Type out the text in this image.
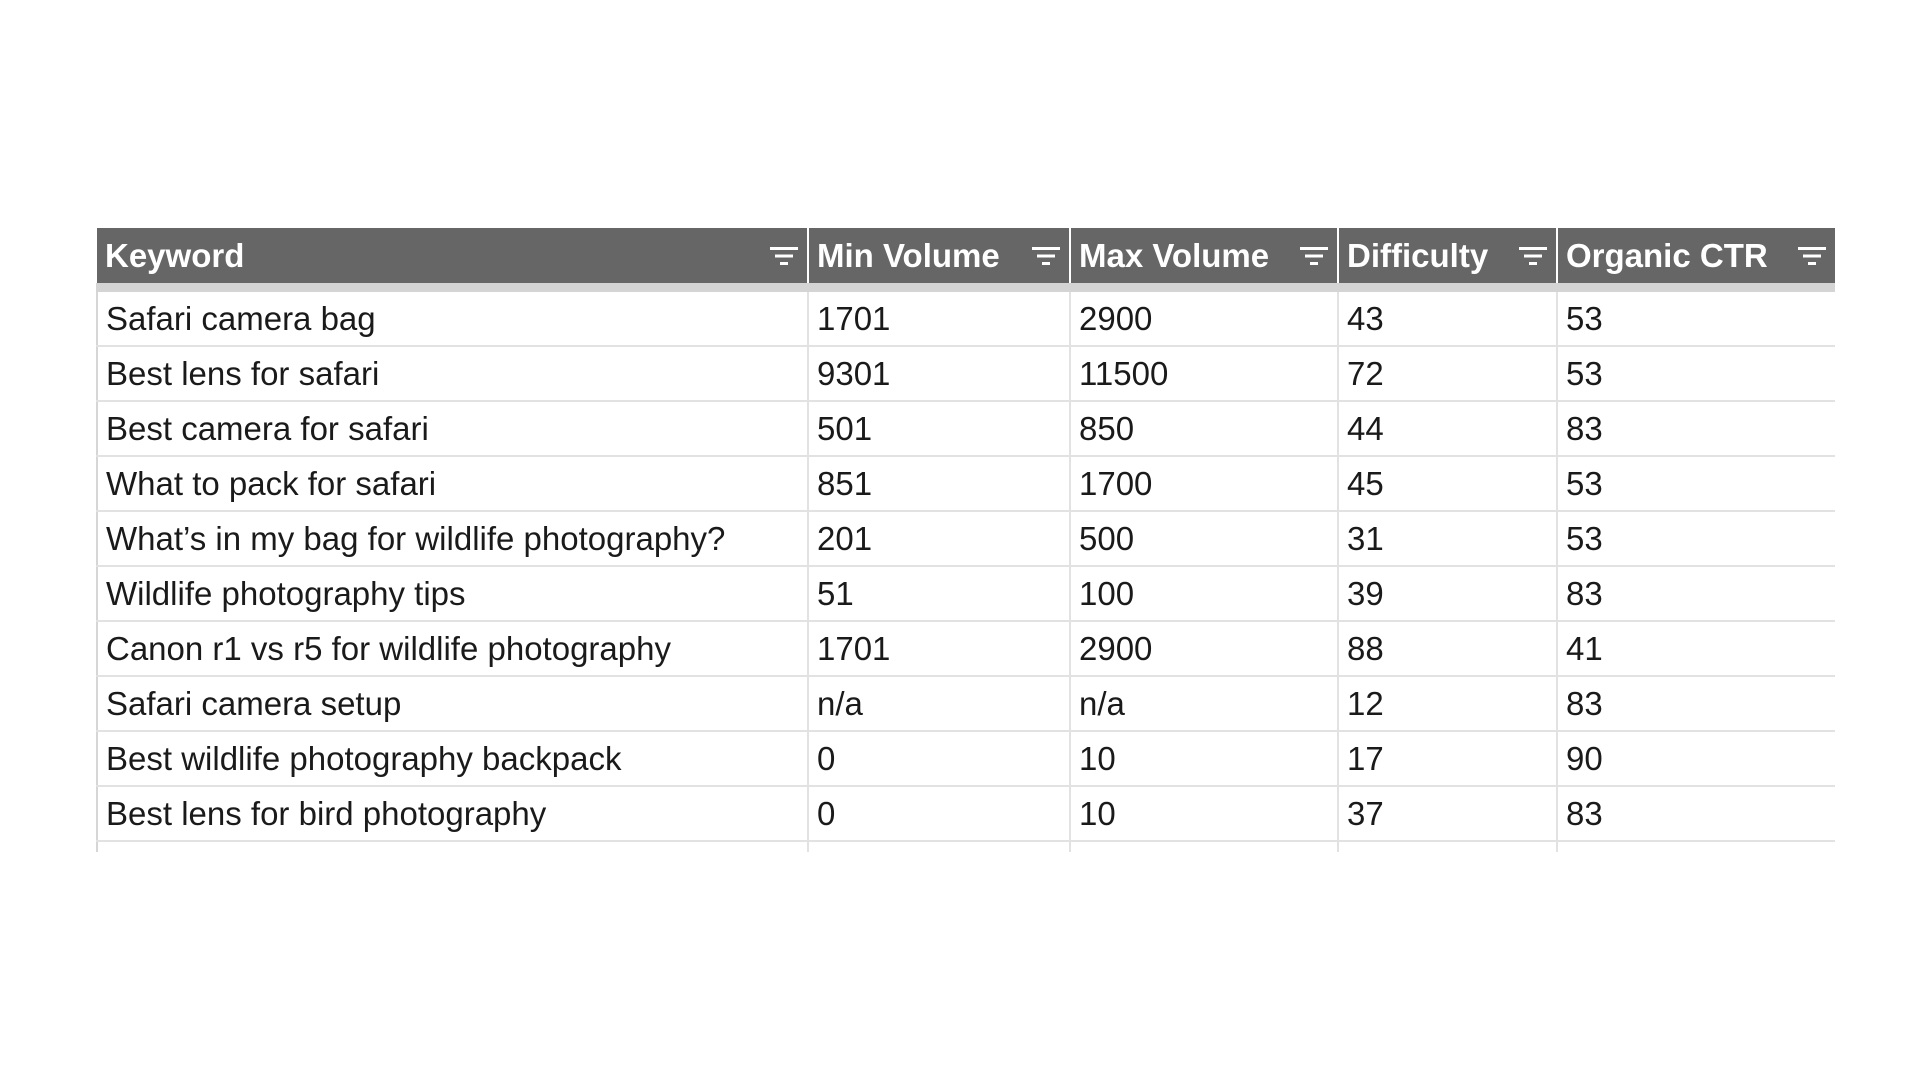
Keyword	Min Volume	Max Volume	Difficulty	Organic CTR

Safari camera bag	1701	2900	43	53
Best lens for safari	9301	11500	72	53
Best camera for safari	501	850	44	83
What to pack for safari	851	1700	45	53
What’s in my bag for wildlife photography?	201	500	31	53
Wildlife photography tips	51	100	39	83
Canon r1 vs r5 for wildlife photography	1701	2900	88	41
Safari camera setup	n/a	n/a	12	83
Best wildlife photography backpack	0	10	17	90
Best lens for bird photography	0	10	37	83
